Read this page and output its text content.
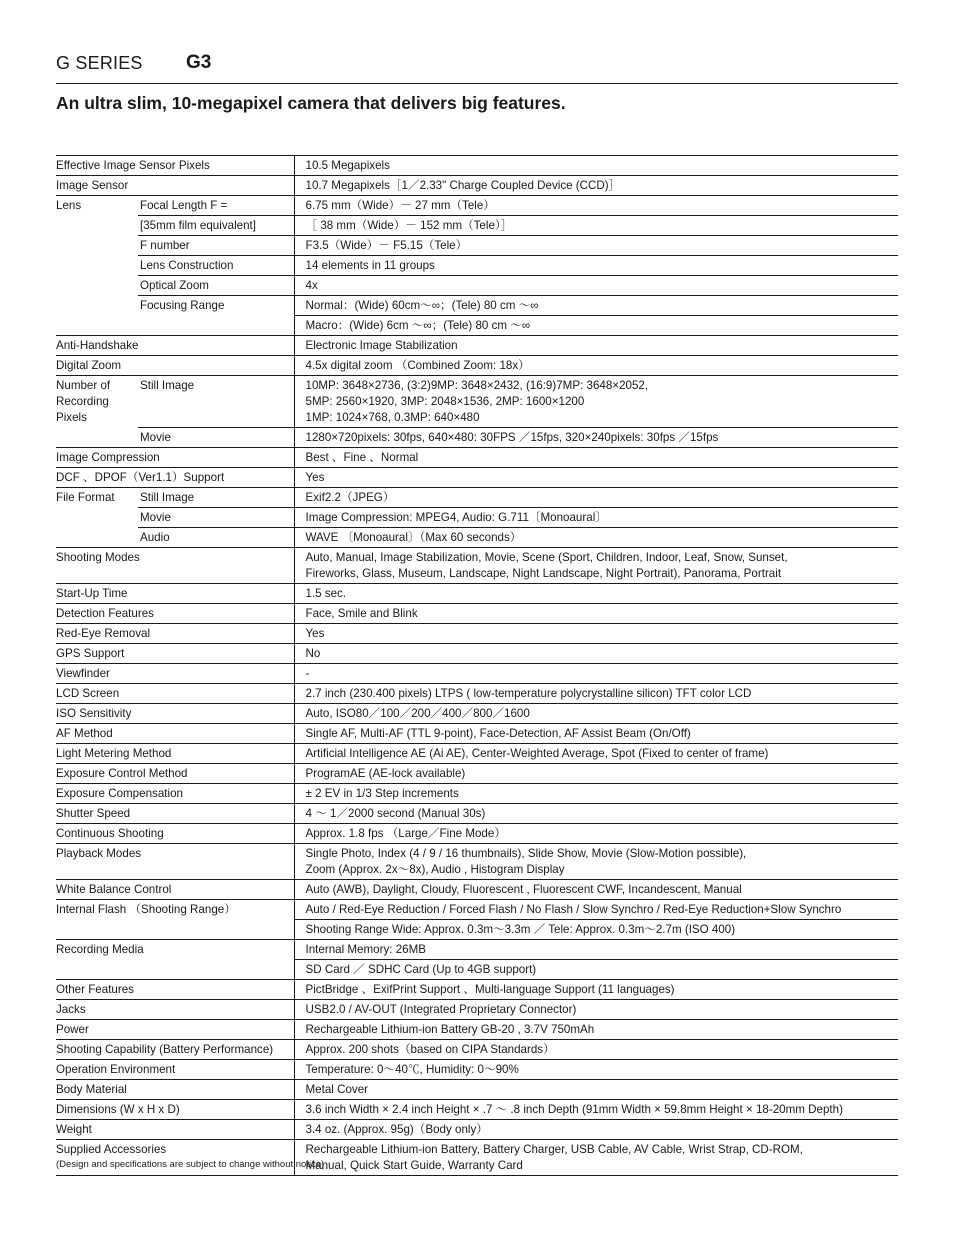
G SERIES G3
An ultra slim, 10-megapixel camera that delivers big features.
Effective Image Sensor Pixels		10.5 Megapixels
Image Sensor		10.7 Megapixels［1／2.33" Charge Coupled Device (CCD)］
Lens	Focal Length F =	6.75 mm（Wide）－ 27 mm（Tele）
	[35mm film equivalent]	［ 38 mm（Wide）－ 152 mm（Tele）］
	F number	F3.5（Wide）－ F5.15（Tele）
	Lens Construction	14 elements in 11 groups
	Optical Zoom	4x
	Focusing Range	Normal：(Wide) 60cm～∞；(Tele) 80 cm ～∞
		Macro：(Wide) 6cm ～∞；(Tele) 80 cm ～∞
Anti-Handshake		Electronic Image Stabilization
Digital Zoom		4.5x digital zoom （Combined Zoom: 18x）
Number of
Recording
Pixels	Still Image	10MP: 3648×2736, (3:2)9MP: 3648×2432, (16:9)7MP: 3648×2052,
5MP: 2560×1920, 3MP: 2048×1536, 2MP: 1600×1200
1MP: 1024×768, 0.3MP: 640×480
	Movie	1280×720pixels: 30fps, 640×480: 30FPS ／15fps, 320×240pixels: 30fps ／15fps
Image Compression		Best 、Fine 、Normal
DCF 、DPOF（Ver1.1）Support		Yes
File Format	Still Image	Exif2.2（JPEG）
	Movie	Image Compression: MPEG4, Audio: G.711〔Monoaural〕
	Audio	WAVE 〔Monoaural〕（Max 60 seconds）
Shooting Modes		Auto, Manual, Image Stabilization, Movie, Scene (Sport, Children, Indoor, Leaf, Snow, Sunset,
Fireworks, Glass, Museum, Landscape, Night Landscape, Night Portrait), Panorama, Portrait
Start-Up Time		1.5 sec.
Detection Features		Face, Smile and Blink
Red-Eye Removal		Yes
GPS Support		No
Viewfinder		-
LCD Screen		2.7 inch (230.400 pixels) LTPS ( low-temperature polycrystalline silicon) TFT color LCD
ISO Sensitivity		Auto, ISO80／100／200／400／800／1600
AF Method		Single AF, Multi-AF (TTL 9-point), Face-Detection, AF Assist Beam (On/Off)
Light Metering Method		Artificial Intelligence AE (Ai AE), Center-Weighted Average, Spot (Fixed to center of frame)
Exposure Control Method		ProgramAE (AE-lock available)
Exposure Compensation		± 2 EV in 1/3 Step increments
Shutter Speed		4 ～ 1／2000 second (Manual 30s)
Continuous Shooting		Approx. 1.8 fps （Large／Fine Mode）
Playback Modes		Single Photo, Index (4 / 9 / 16 thumbnails), Slide Show, Movie (Slow-Motion possible),
Zoom (Approx. 2x～8x), Audio , Histogram Display
White Balance Control		Auto (AWB), Daylight, Cloudy, Fluorescent , Fluorescent CWF, Incandescent, Manual
Internal Flash （Shooting Range）		Auto / Red-Eye Reduction / Forced Flash / No Flash / Slow Synchro / Red-Eye Reduction+Slow Synchro
		Shooting Range Wide: Approx. 0.3m～3.3m ／ Tele: Approx. 0.3m～2.7m (ISO 400)
Recording Media		Internal Memory: 26MB
		SD Card ／ SDHC Card (Up to 4GB support)
Other Features		PictBridge 、ExifPrint Support 、Multi-language Support (11 languages)
Jacks		USB2.0 / AV-OUT (Integrated Proprietary Connector)
Power		Rechargeable Lithium-ion Battery GB-20 , 3.7V 750mAh
Shooting Capability (Battery Performance)		Approx. 200 shots（based on CIPA Standards）
Operation Environment		Temperature: 0～40℃, Humidity: 0～90%
Body Material		Metal Cover
Dimensions (W x H x D)		3.6 inch Width × 2.4 inch Height × .7 ～ .8 inch Depth (91mm Width × 59.8mm Height × 18-20mm Depth)
Weight		3.4 oz. (Approx. 95g)（Body only）
Supplied Accessories		Rechargeable Lithium-ion Battery, Battery Charger, USB Cable, AV Cable, Wrist Strap, CD-ROM,
Manual, Quick Start Guide, Warranty Card
(Design and specifications are subject to change without notice)
